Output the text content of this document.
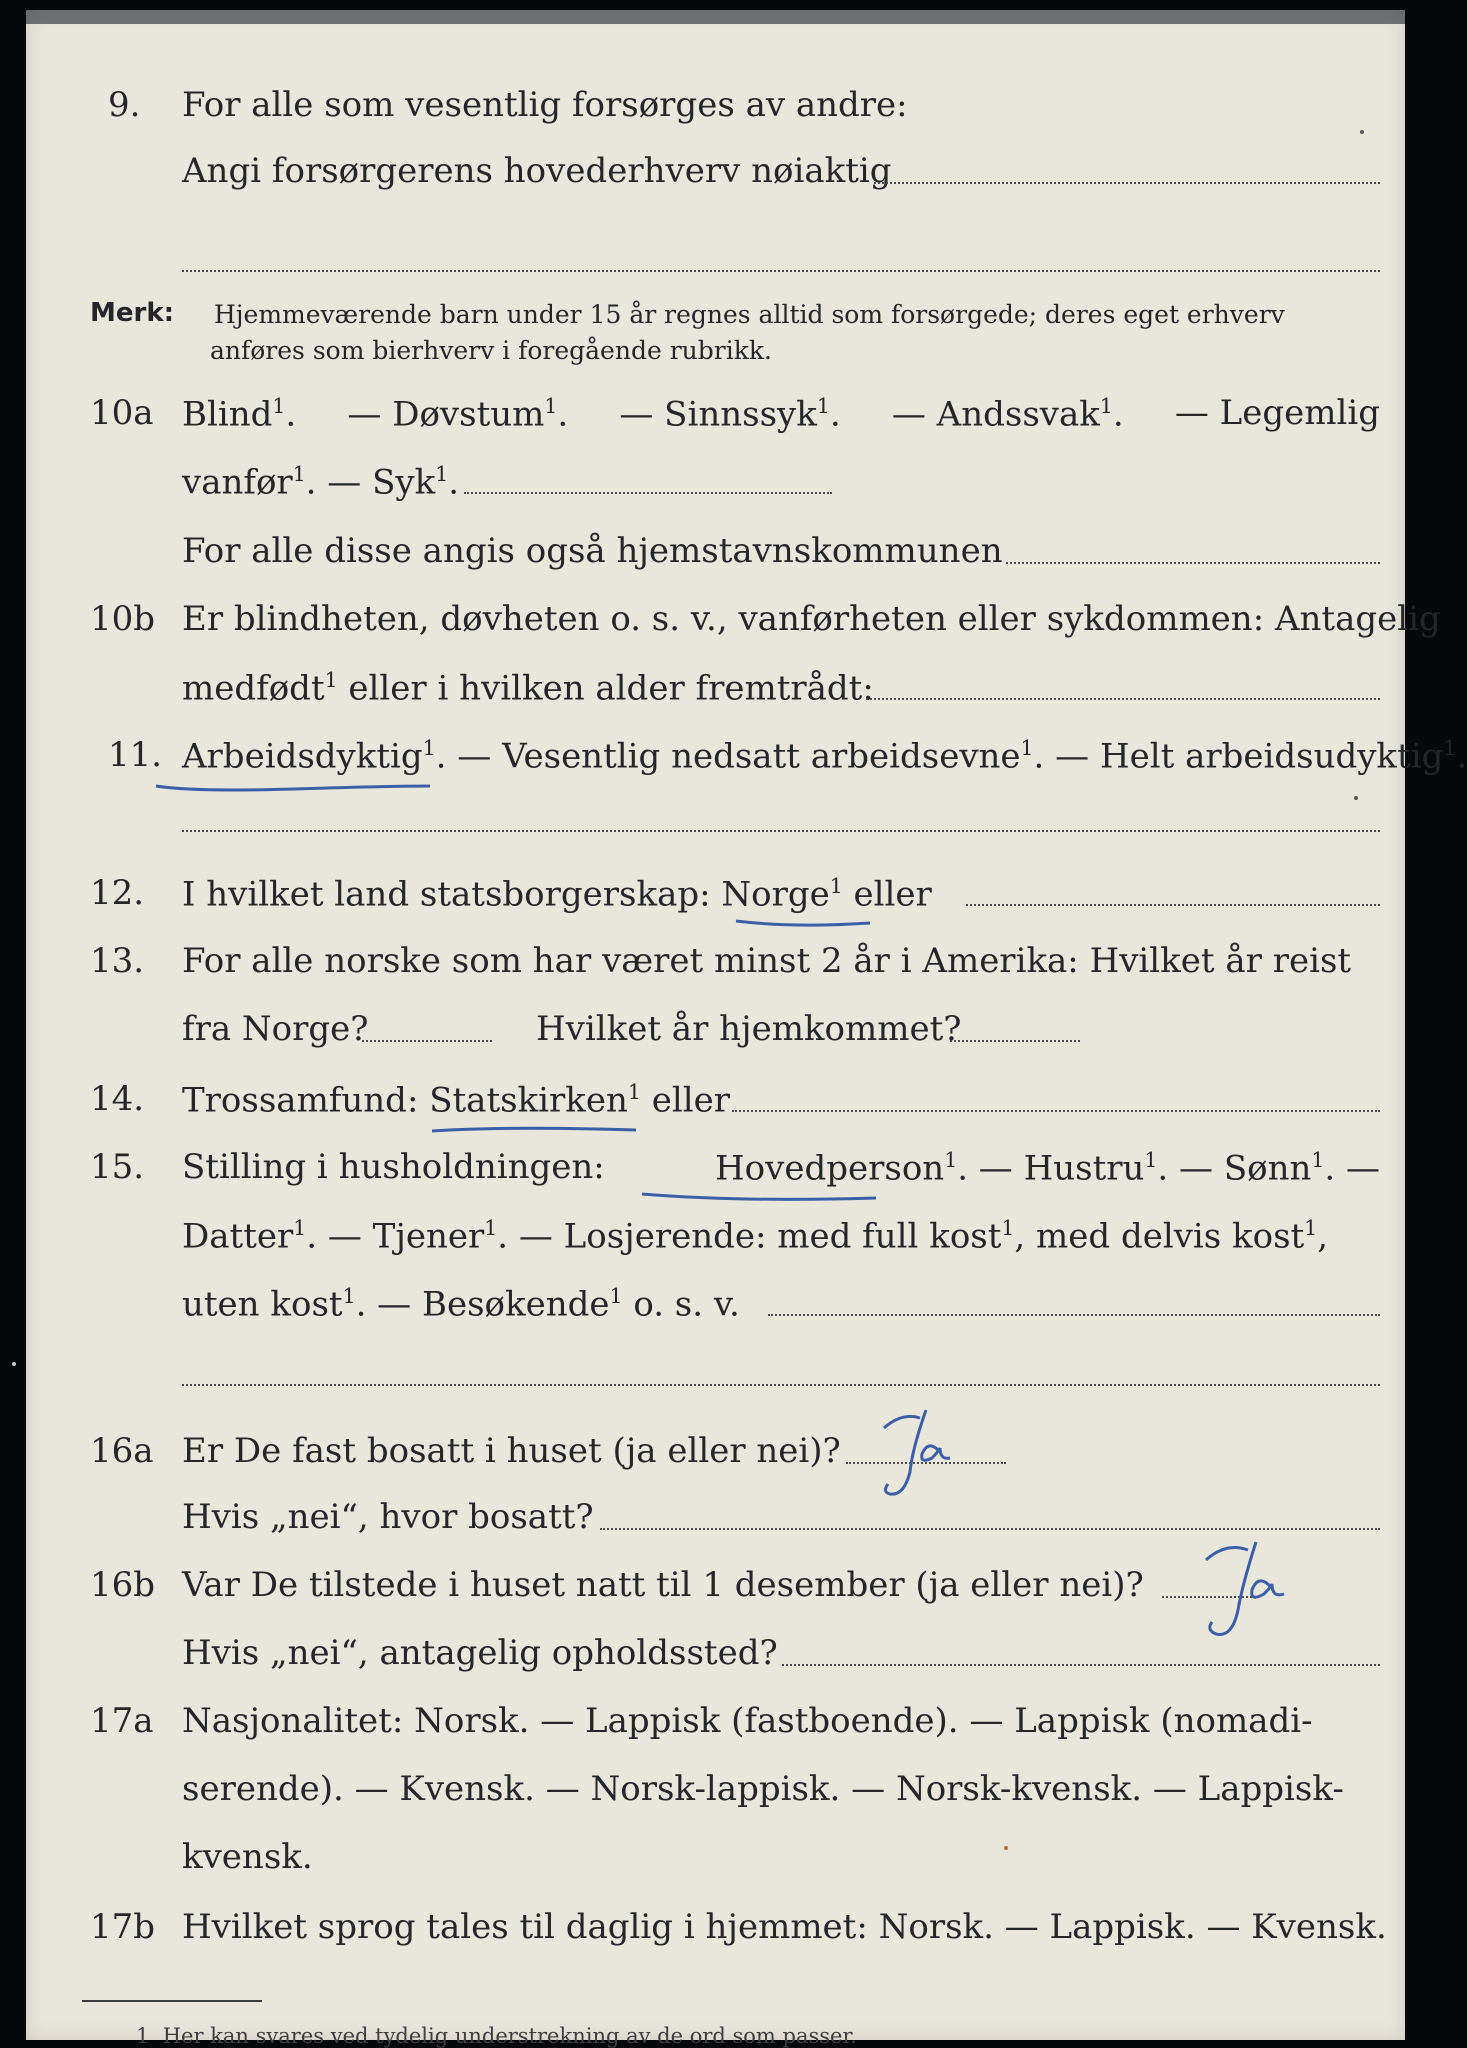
9. For alle som vesentlig forsørges av andre:
Angi forsørgerens hovederhverv nøiaktig
Merk: Hjemmeværende barn under 15 år regnes alltid som forsørgede; deres eget erhverv
anføres som bierhverv i foregående rubrikk.
10a Blind$^1$. — Døvstum$^1$. — Sinnssyk$^1$. — Andssvak$^1$. — Legemlig
vanfør$^1$. — Syk$^1$.
For alle disse angis også hjemstavnskommunen
10b Er blindheten, døvheten o. s. v., vanførheten eller sykdommen: Antagelig
medfødt$^1$ eller i hvilken alder fremtrådt:
11. Arbeidsdyktig$^1$. — Vesentlig nedsatt arbeidsevne$^1$. — Helt arbeidsudyktig$^1$.
12. I hvilket land statsborgerskap: Norge$^1$ eller
13. For alle norske som har været minst 2 år i Amerika: Hvilket år reist
fra Norge?	Hvilket år hjemkommet?
14. Trossamfund: Statskirken$^1$ eller
15. Stilling i husholdningen:	Hovedperson$^1$. — Hustru$^1$. — Sønn$^1$. —
Datter$^1$. — Tjener$^1$. — Losjerende: med full kost$^1$, med delvis kost$^1$,
uten kost$^1$. — Besøkende$^1$ o. s. v.
16a Er De fast bosatt i huset (ja eller nei)?
Hvis „nei“, hvor bosatt?
16b Var De tilstede i huset natt til 1 desember (ja eller nei)?
Hvis „nei“, antagelig opholdssted?
17a Nasjonalitet: Norsk. — Lappisk (fastboende). — Lappisk (nomadi-
serende). — Kvensk. — Norsk-lappisk. — Norsk-kvensk. — Lappisk-
kvensk.
17b Hvilket sprog tales til daglig i hjemmet: Norsk. — Lappisk. — Kvensk.
1 Her kan svares ved tydelig understrekning av de ord som passer.
